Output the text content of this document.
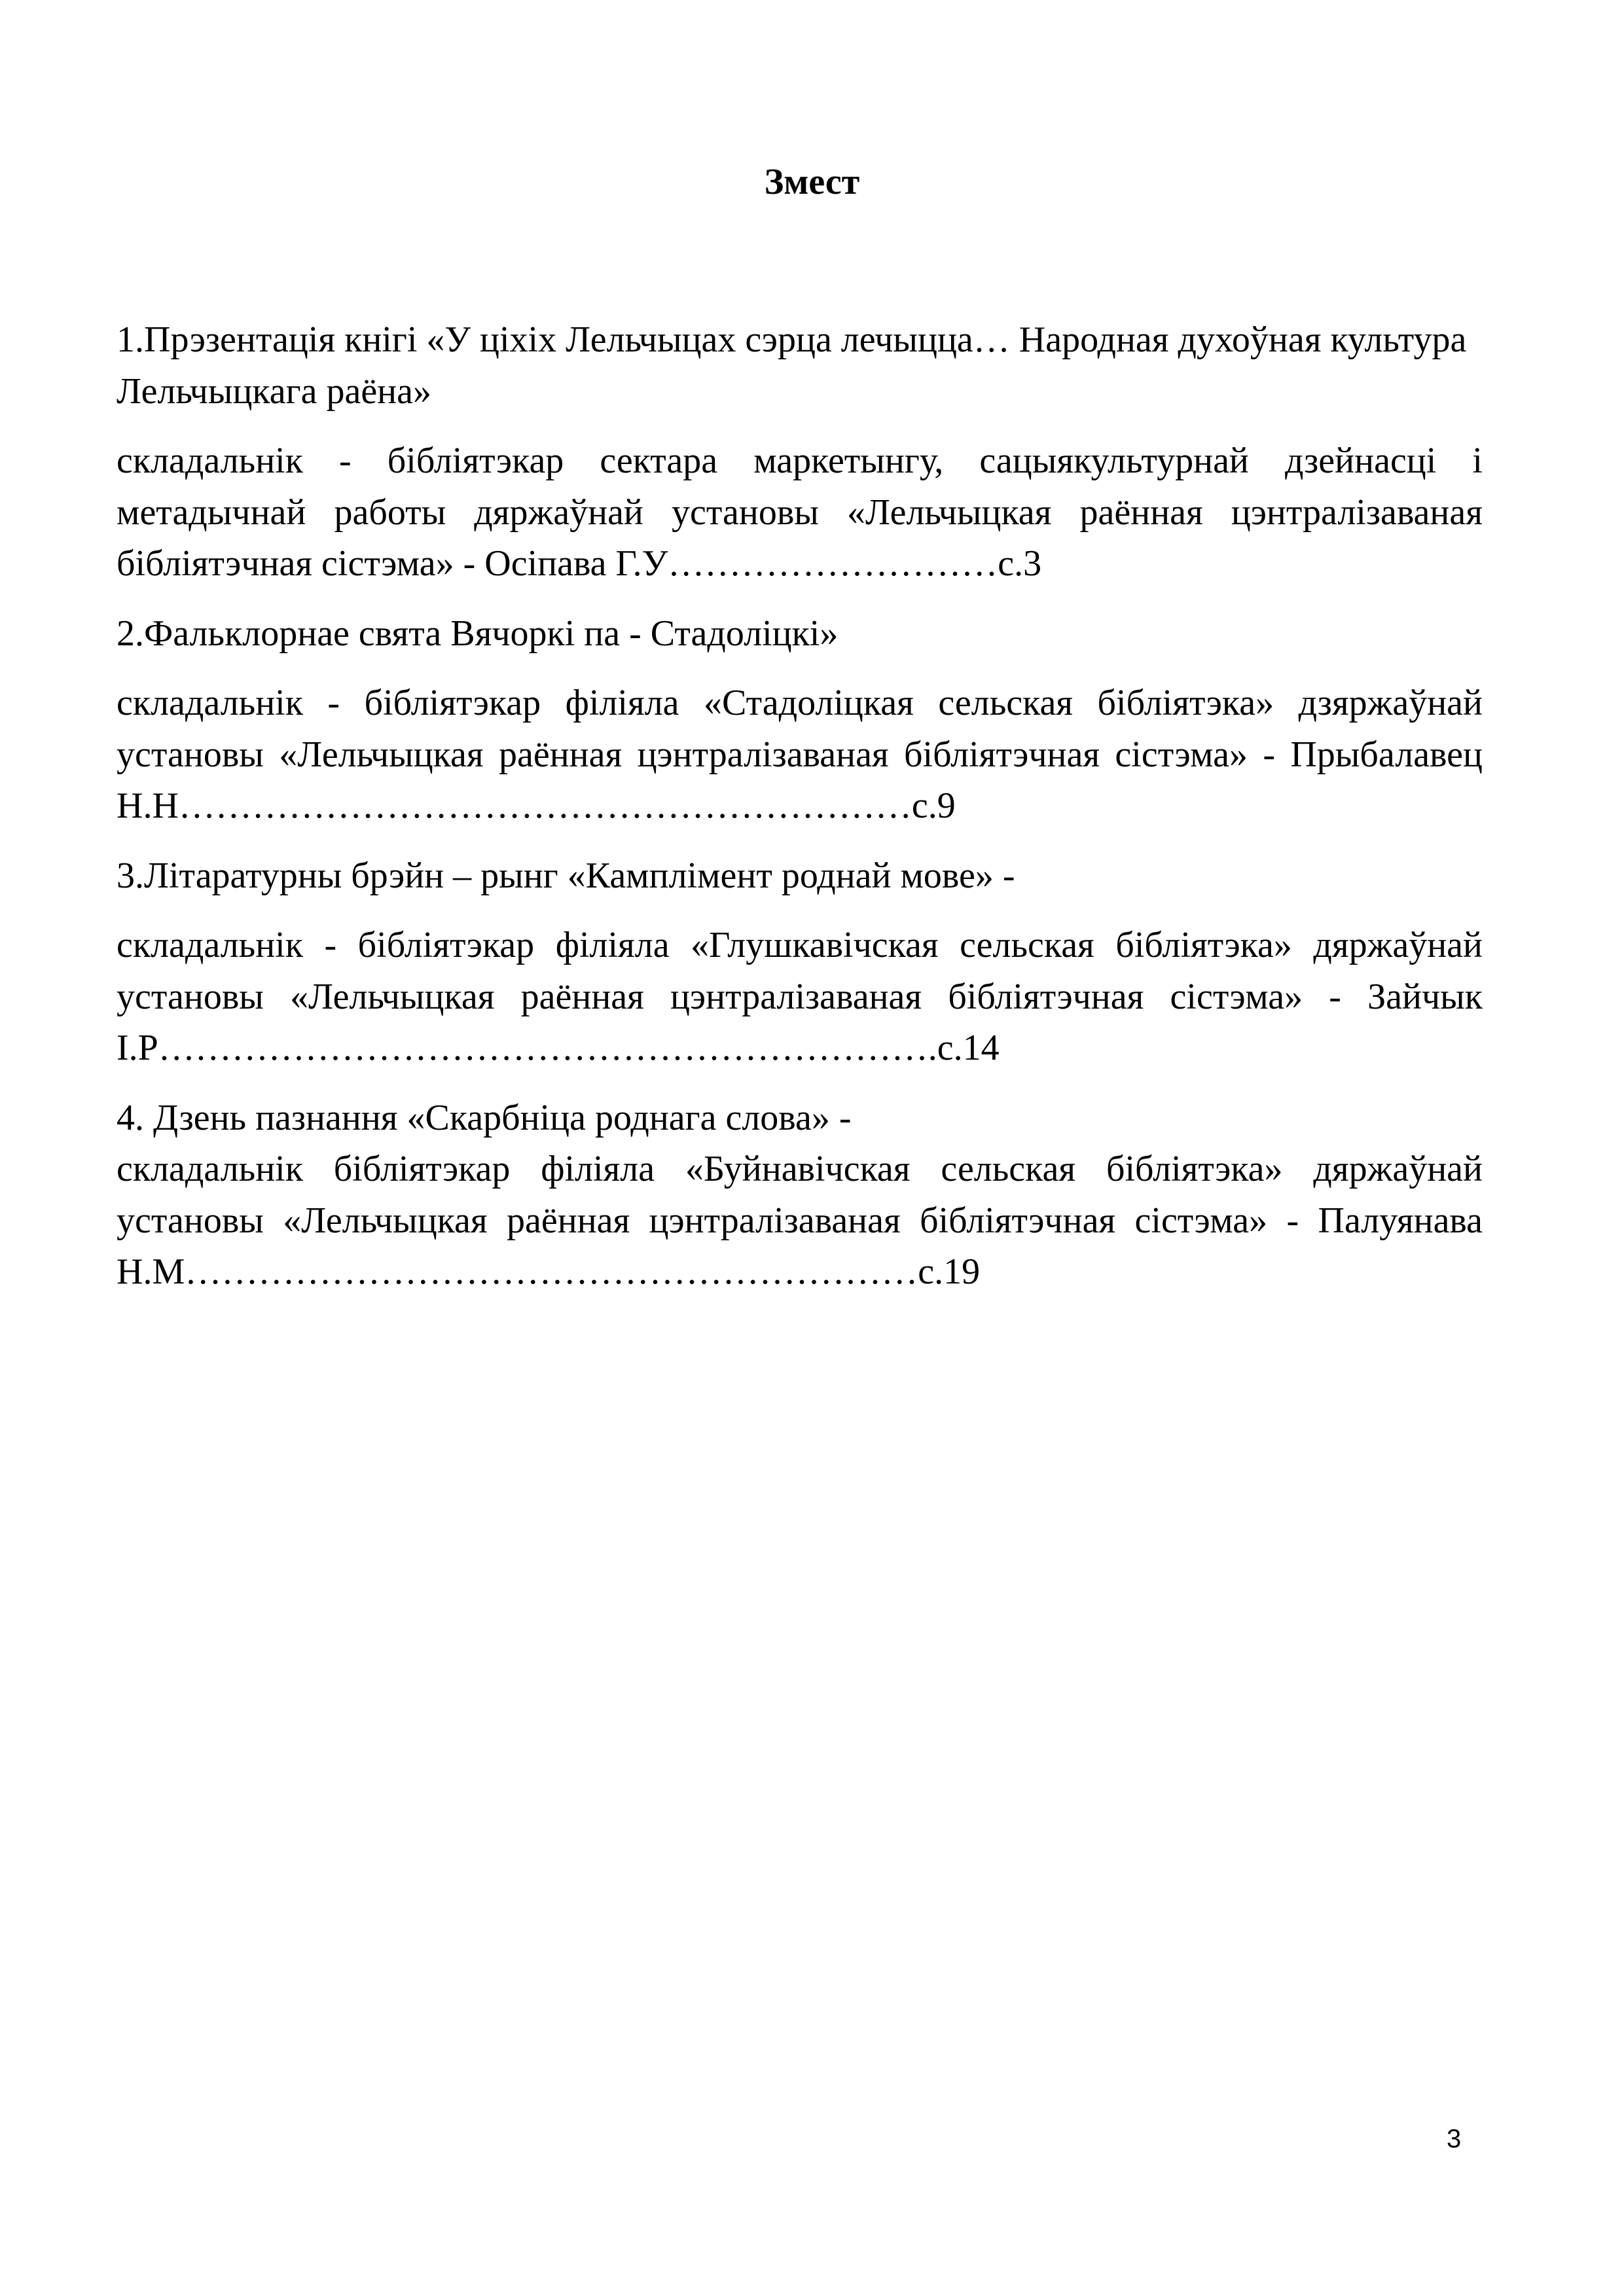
Змест

1.Прэзентацiя кнiгi «У цiхiх Лельчыцах сэрца лечыцца… Народная духоўная культура Лельчыцкага раёна»

складальнiк - бiблiятэкар сектара маркетынгу, сацыякультурнай дзейнасцi i метадычнай работы дяржаўнай установы «Лельчыцкая раённая цэнтралiзаваная бiблiятэчная сiстэма» - Осiпава Г.У………………………с.3

2.Фальклорнае свята Вячоркi па - Стадолiцкi»

складальнiк - бiблiятэкар фiлiяла «Стадолiцкая сельская бiблiятэка» дзяржаўнай установы «Лельчыцкая раённая цэнтралiзаваная бiблiятэчная сiстэма» - Прыбалавец Н.Н……………………………………………………с.9

3.Лiтаратурны брэйн – рынг «Камплiмент роднай мове» -

складальнiк - бiблiятэкар фiлiяла «Глушкавiчская сельская бiблiятэка» дяржаўнай установы «Лельчыцкая раённая цэнтралiзаваная бiблiятэчная сiстэма» - Зайчык I.Р……………………………………………………….с.14

4. Дзень пазнання «Скарбнiца роднага слова» -

складальнiк бiблiятэкар фiлiяла «Буйнавiчская сельская бiблiятэка» дяржаўнай установы «Лельчыцкая раённая цэнтралiзаваная бiблiятэчная сiстэма» - Палуянава Н.М……………………………………………………с.19

3
